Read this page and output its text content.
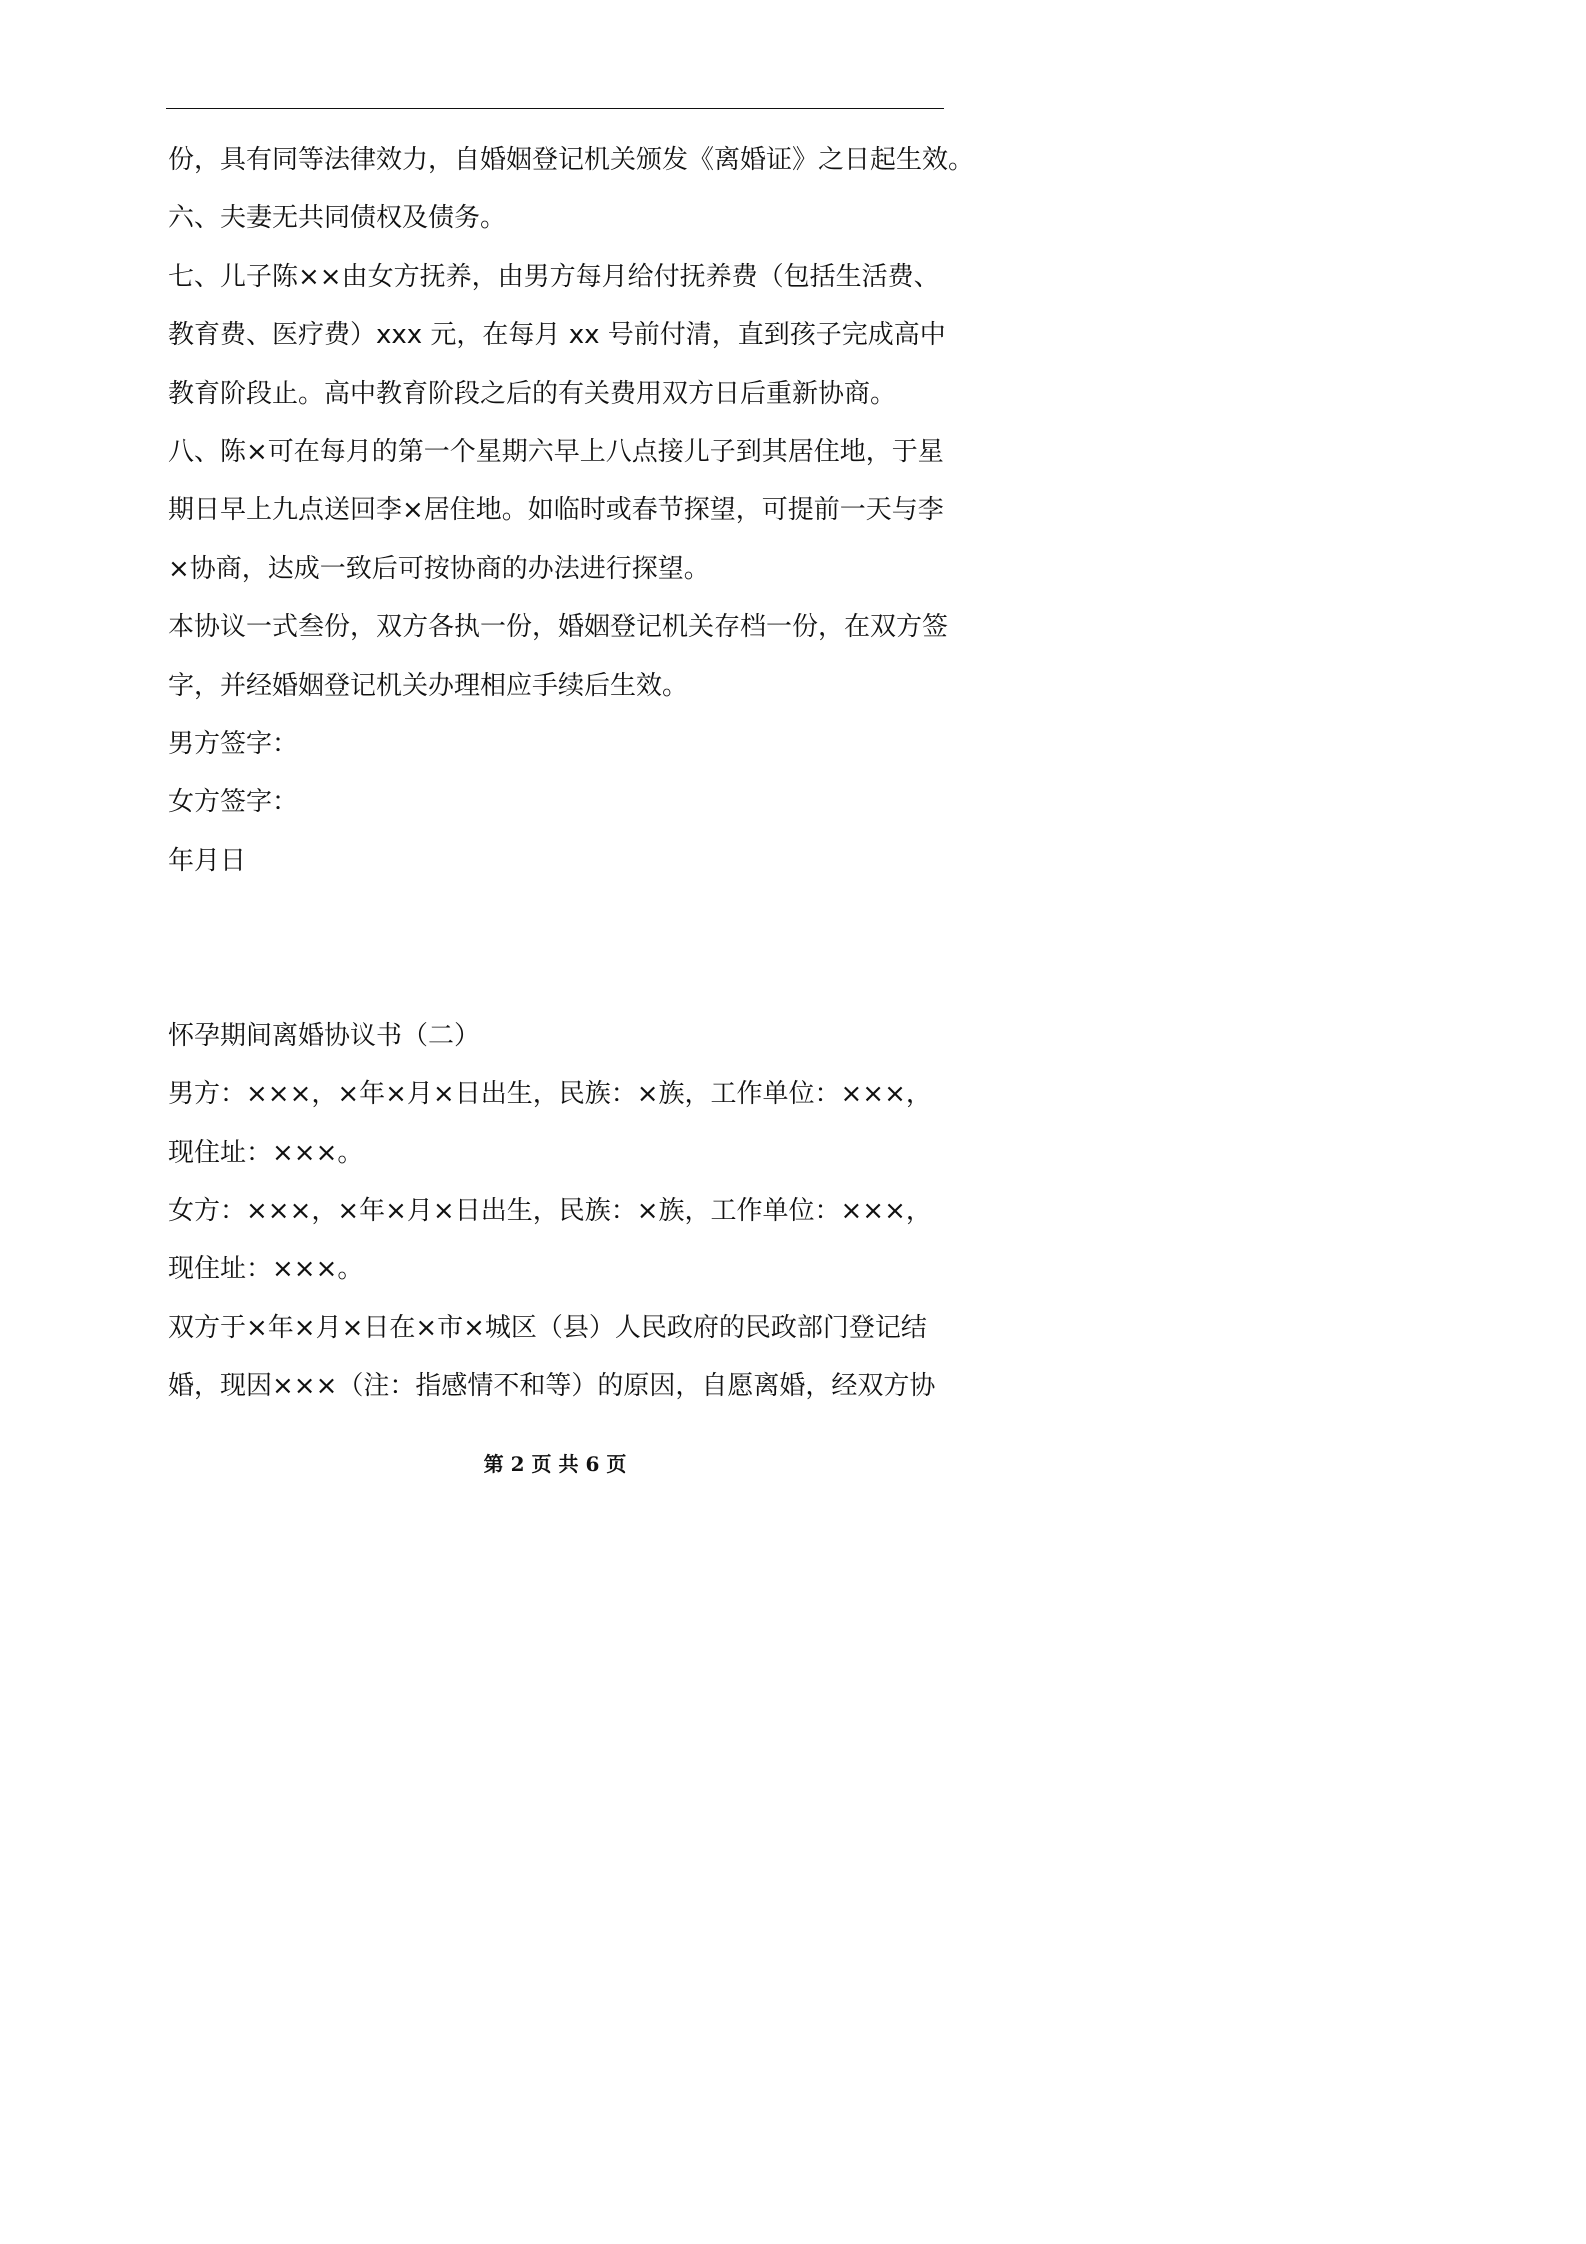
份，具有同等法律效力，自婚姻登记机关颁发《离婚证》之日起生效。
六、夫妻无共同债权及债务。
七、儿子陈××由女方抚养，由男方每月给付抚养费（包括生活费、
教育费、医疗费）xxx 元，在每月 xx 号前付清，直到孩子完成高中
教育阶段止。高中教育阶段之后的有关费用双方日后重新协商。
八、陈×可在每月的第一个星期六早上八点接儿子到其居住地，于星
期日早上九点送回李×居住地。如临时或春节探望，可提前一天与李
×协商，达成一致后可按协商的办法进行探望。
本协议一式叁份，双方各执一份，婚姻登记机关存档一份，在双方签
字，并经婚姻登记机关办理相应手续后生效。
男方签字：
女方签字：
年月日
怀孕期间离婚协议书（二）
男方：×××，×年×月×日出生，民族：×族，工作单位：×××，
现住址：×××。
女方：×××，×年×月×日出生，民族：×族，工作单位：×××，
现住址：×××。
双方于×年×月×日在×市×城区（县）人民政府的民政部门登记结
婚，现因×××（注：指感情不和等）的原因，自愿离婚，经双方协
第 2 页 共 6 页
